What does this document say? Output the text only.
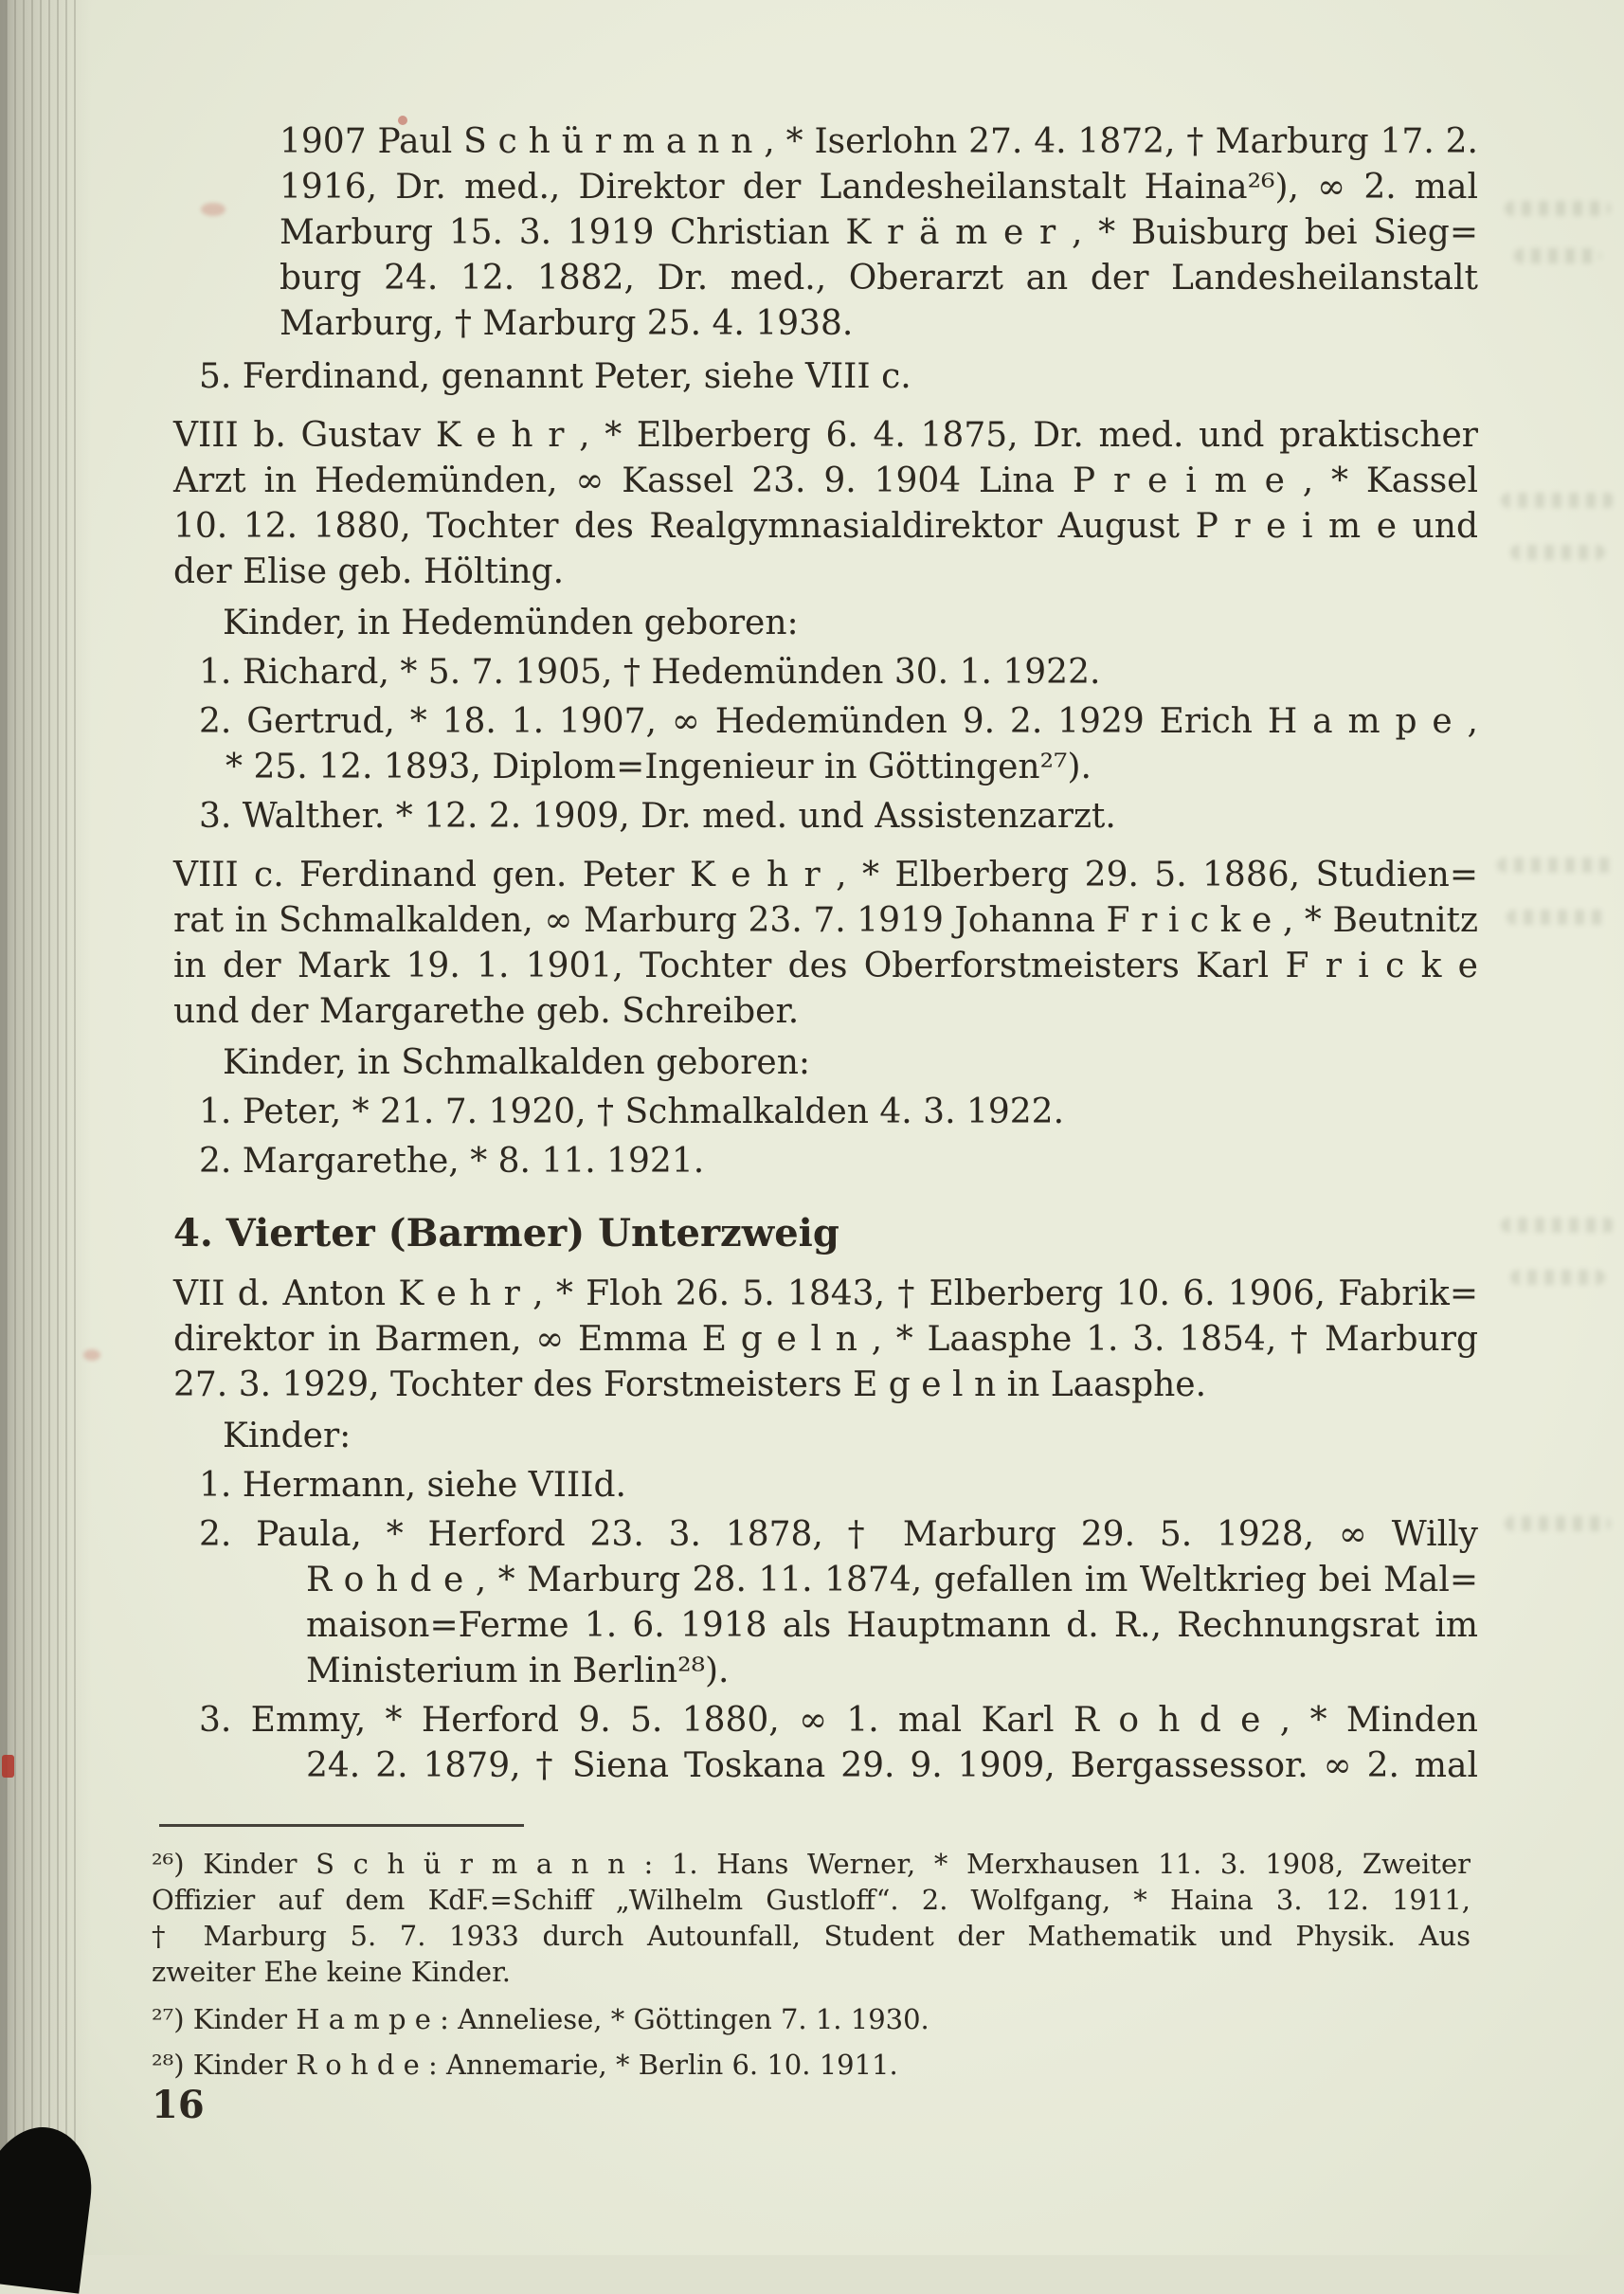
1907 Paul S c h ü r m a n n , * Iserlohn 27. 4. 1872, † Marburg 17. 2.
1916, Dr. med., Direktor der Landesheilanstalt Haina²⁶), ∞ 2. mal
Marburg 15. 3. 1919 Christian K r ä m e r , * Buisburg bei Sieg=
burg 24. 12. 1882, Dr. med., Oberarzt an der Landesheilanstalt
Marburg, † Marburg 25. 4. 1938.
5. Ferdinand, genannt Peter, siehe VIII c.
VIII b. Gustav K e h r , * Elberberg 6. 4. 1875, Dr. med. und praktischer
Arzt in Hedemünden, ∞ Kassel 23. 9. 1904 Lina P r e i m e , * Kassel
10. 12. 1880, Tochter des Realgymnasialdirektor August P r e i m e und
der Elise geb. Hölting.
Kinder, in Hedemünden geboren:
1. Richard, * 5. 7. 1905, † Hedemünden 30. 1. 1922.
2. Gertrud, * 18. 1. 1907, ∞ Hedemünden 9. 2. 1929 Erich H a m p e ,
* 25. 12. 1893, Diplom=Ingenieur in Göttingen²⁷).
3. Walther. * 12. 2. 1909, Dr. med. und Assistenzarzt.
VIII c. Ferdinand gen. Peter K e h r , * Elberberg 29. 5. 1886, Studien=
rat in Schmalkalden, ∞ Marburg 23. 7. 1919 Johanna F r i c k e , * Beutnitz
in der Mark 19. 1. 1901, Tochter des Oberforstmeisters Karl F r i c k e
und der Margarethe geb. Schreiber.
Kinder, in Schmalkalden geboren:
1. Peter, * 21. 7. 1920, † Schmalkalden 4. 3. 1922.
2. Margarethe, * 8. 11. 1921.
4. Vierter (Barmer) Unterzweig
VII d. Anton K e h r , * Floh 26. 5. 1843, † Elberberg 10. 6. 1906, Fabrik=
direktor in Barmen, ∞ Emma E g e l n , * Laasphe 1. 3. 1854, † Marburg
27. 3. 1929, Tochter des Forstmeisters E g e l n in Laasphe.
Kinder:
1. Hermann, siehe VIIId.
2. Paula, * Herford 23. 3. 1878, † Marburg 29. 5. 1928, ∞ Willy
R o h d e , * Marburg 28. 11. 1874, gefallen im Weltkrieg bei Mal=
maison=Ferme 1. 6. 1918 als Hauptmann d. R., Rechnungsrat im
Ministerium in Berlin²⁸).
3. Emmy, * Herford 9. 5. 1880, ∞ 1. mal Karl R o h d e , * Minden
24. 2. 1879, † Siena Toskana 29. 9. 1909, Bergassessor. ∞ 2. mal
²⁶) Kinder S c h ü r m a n n : 1. Hans Werner, * Merxhausen 11. 3. 1908, Zweiter
Offizier auf dem KdF.=Schiff „Wilhelm Gustloff“. 2. Wolfgang, * Haina 3. 12. 1911,
† Marburg 5. 7. 1933 durch Autounfall, Student der Mathematik und Physik. Aus
zweiter Ehe keine Kinder.
²⁷) Kinder H a m p e : Anneliese, * Göttingen 7. 1. 1930.
²⁸) Kinder R o h d e : Annemarie, * Berlin 6. 10. 1911.
16
